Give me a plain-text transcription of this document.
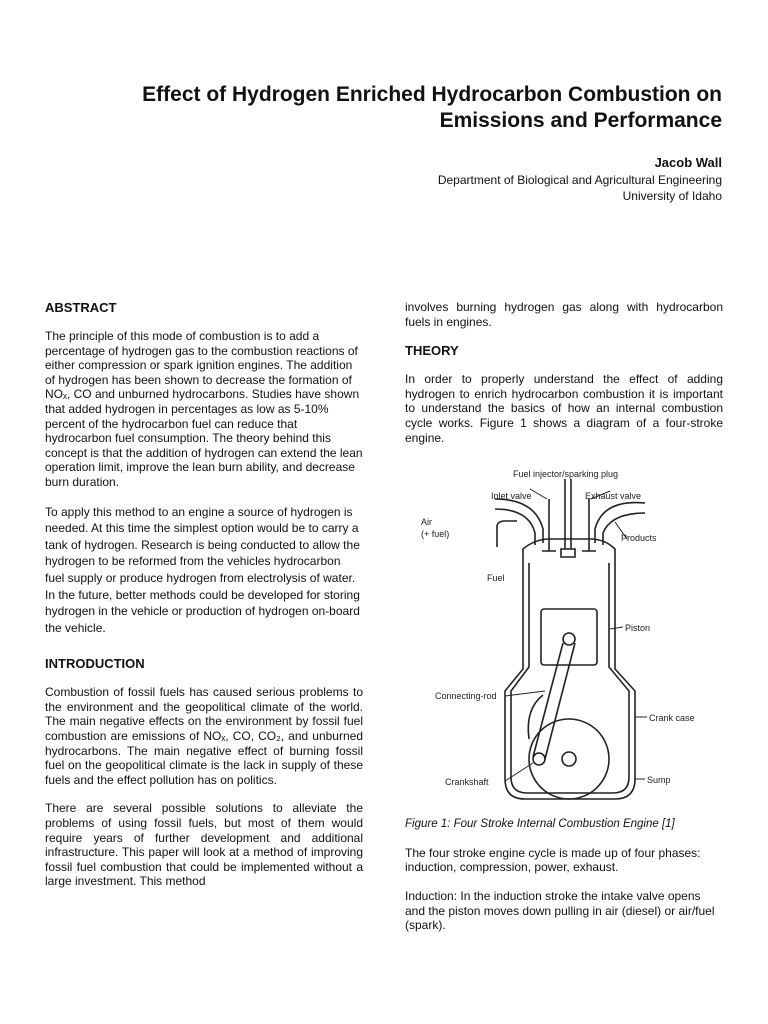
Effect of Hydrogen Enriched Hydrocarbon Combustion on Emissions and Performance
Jacob Wall
Department of Biological and Agricultural Engineering
University of Idaho
ABSTRACT

The principle of this mode of combustion is to add a percentage of hydrogen gas to the combustion reactions of either compression or spark ignition engines. The addition of hydrogen has been shown to decrease the formation of NOₓ, CO and unburned hydrocarbons. Studies have shown that added hydrogen in percentages as low as 5-10% percent of the hydrocarbon fuel can reduce that hydrocarbon fuel consumption. The theory behind this concept is that the addition of hydrogen can extend the lean operation limit, improve the lean burn ability, and decrease burn duration.

To apply this method to an engine a source of hydrogen is needed. At this time the simplest option would be to carry a tank of hydrogen. Research is being conducted to allow the hydrogen to be reformed from the vehicles hydrocarbon fuel supply or produce hydrogen from electrolysis of water. In the future, better methods could be developed for storing hydrogen in the vehicle or production of hydrogen on-board the vehicle.

INTRODUCTION

Combustion of fossil fuels has caused serious problems to the environment and the geopolitical climate of the world. The main negative effects on the environment by fossil fuel combustion are emissions of NOₓ, CO, CO₂, and unburned hydrocarbons. The main negative effect of burning fossil fuel on the geopolitical climate is the lack in supply of these fuels and the effect pollution has on politics.

There are several possible solutions to alleviate the problems of using fossil fuels, but most of them would require years of further development and additional infrastructure. This paper will look at a method of improving fossil fuel combustion that could be implemented without a large investment. This method

involves burning hydrogen gas along with hydrocarbon fuels in engines.

THEORY

In order to properly understand the effect of adding hydrogen to enrich hydrocarbon combustion it is important to understand the basics of how an internal combustion cycle works. Figure 1 shows a diagram of a four-stroke engine.

Fuel injector/sparking plug
Inlet valve	Exhaust valve
Air
(+ fuel)	Products
Fuel
Piston
Connecting-rod
Crank case
Crankshaft	Sump

Figure 1: Four Stroke Internal Combustion Engine [1]

The four stroke engine cycle is made up of four phases: induction, compression, power, exhaust.

Induction: In the induction stroke the intake valve opens and the piston moves down pulling in air (diesel) or air/fuel (spark).
